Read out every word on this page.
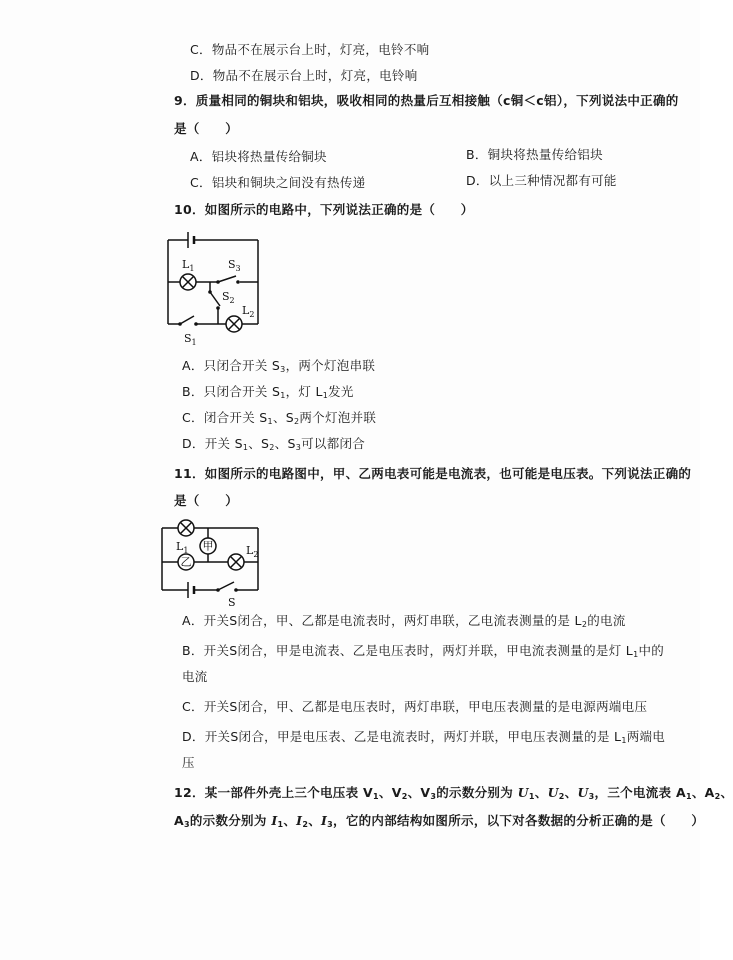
C．物品不在展示台上时，灯亮，电铃不响
D．物品不在展示台上时，灯亮，电铃响
9．质量相同的铜块和铝块，吸收相同的热量后互相接触（c铜＜c铝），下列说法中正确的
是（　　）
A．铝块将热量传给铜块	B．铜块将热量传给铝块
C．铝块和铜块之间没有热传递	D．以上三种情况都有可能
10．如图所示的电路中，下列说法正确的是（　　）
$L_1$	$S_3$
$S_2$
$L_2$
$S_1$
A．只闭合开关 $S_3$，两个灯泡串联
B．只闭合开关 $S_1$，灯 $L_1$发光
C．闭合开关 $S_1$、$S_2$两个灯泡并联
D．开关 $S_1$、$S_2$、$S_3$可以都闭合
11．如图所示的电路图中，甲、乙两电表可能是电流表，也可能是电压表。下列说法正确的
是（　　）
甲
乙
$L_1$	$L_2$
S
A．开关S闭合，甲、乙都是电流表时，两灯串联，乙电流表测量的是 $L_2$的电流
B．开关S闭合，甲是电流表、乙是电压表时，两灯并联，甲电流表测量的是灯 $L_1$中的
电流
C．开关S闭合，甲、乙都是电压表时，两灯串联，甲电压表测量的是电源两端电压
D．开关S闭合，甲是电压表、乙是电流表时，两灯并联，甲电压表测量的是 $L_1$两端电
压
12．某一部件外壳上三个电压表 $V_1$、$V_2$、$V_3$的示数分别为 $U_1$、$U_2$、$U_3$，三个电流表 $A_1$、$A_2$、
$A_3$的示数分别为 $I_1$、$I_2$、$I_3$，它的内部结构如图所示，以下对各数据的分析正确的是（　　）
